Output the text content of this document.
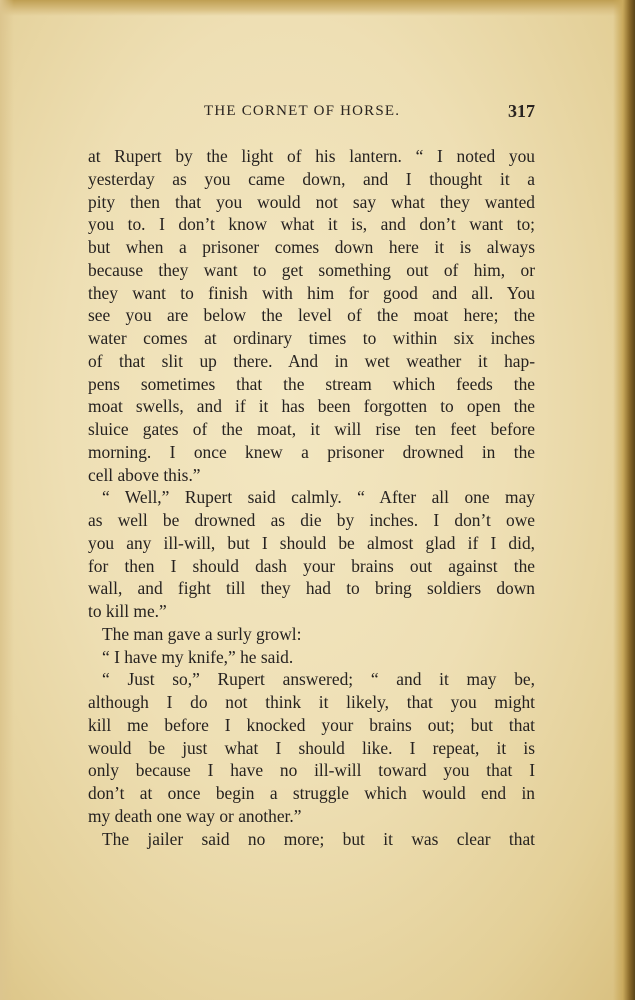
THE CORNET OF HORSE.	317
at Rupert by the light of his lantern. “ I noted you
yesterday as you came down, and I thought it a
pity then that you would not say what they wanted
you to. I don’t know what it is, and don’t want to;
but when a prisoner comes down here it is always
because they want to get something out of him, or
they want to finish with him for good and all. You
see you are below the level of the moat here; the
water comes at ordinary times to within six inches
of that slit up there. And in wet weather it hap-
pens sometimes that the stream which feeds the
moat swells, and if it has been forgotten to open the
sluice gates of the moat, it will rise ten feet before
morning. I once knew a prisoner drowned in the
cell above this.”
“ Well,” Rupert said calmly. “ After all one may
as well be drowned as die by inches. I don’t owe
you any ill-will, but I should be almost glad if I did,
for then I should dash your brains out against the
wall, and fight till they had to bring soldiers down
to kill me.”
The man gave a surly growl:
“ I have my knife,” he said.
“ Just so,” Rupert answered; “ and it may be,
although I do not think it likely, that you might
kill me before I knocked your brains out; but that
would be just what I should like. I repeat, it is
only because I have no ill-will toward you that I
don’t at once begin a struggle which would end in
my death one way or another.”
The jailer said no more; but it was clear that
